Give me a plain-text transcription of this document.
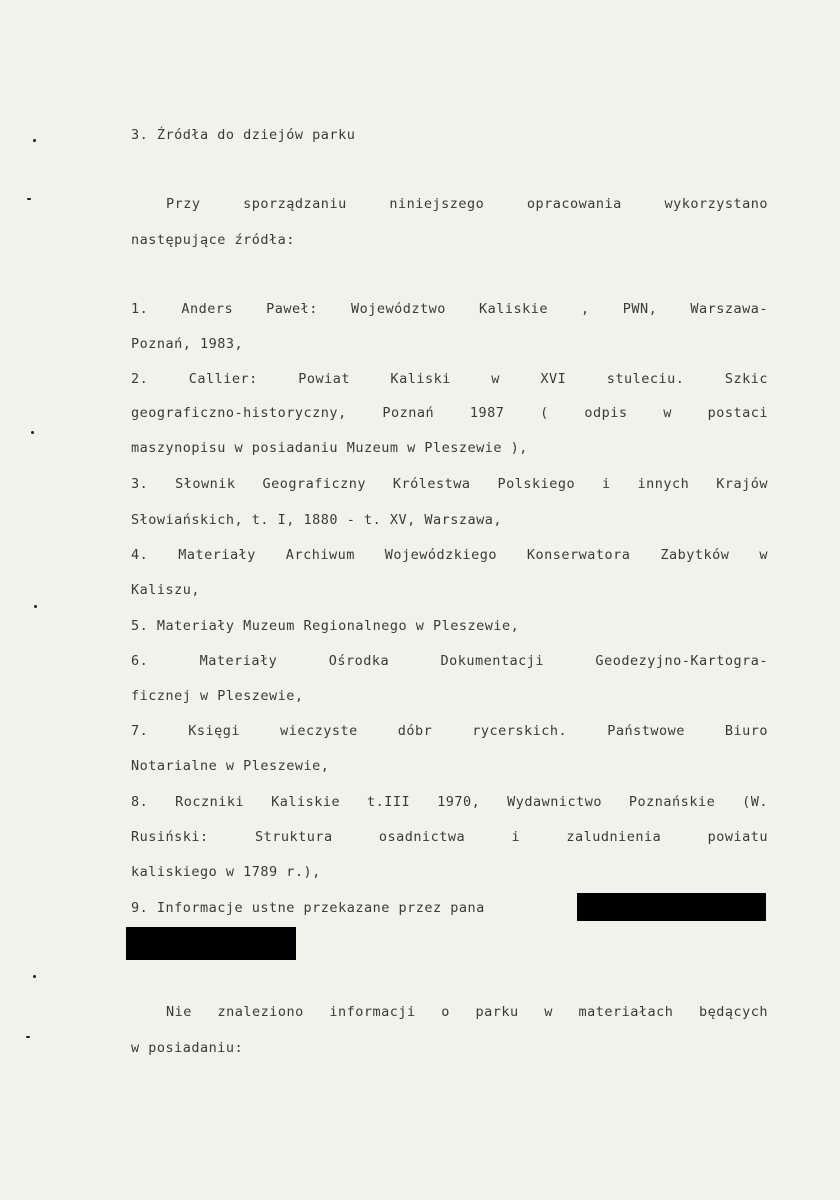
3. Źródła do dziejów parku
Przy sporządzaniu niniejszego opracowania wykorzystano
następujące źródła:
1. Anders Paweł: Województwo Kaliskie , PWN, Warszawa-
Poznań, 1983,
2. Callier: Powiat Kaliski w XVI stuleciu. Szkic
geograficzno-historyczny, Poznań 1987 ( odpis w postaci
maszynopisu w posiadaniu Muzeum w Pleszewie ),
3. Słownik Geograficzny Królestwa Polskiego i innych Krajów
Słowiańskich, t. I, 1880 - t. XV, Warszawa,
4. Materiały Archiwum Wojewódzkiego Konserwatora Zabytków w
Kaliszu,
5. Materiały Muzeum Regionalnego w Pleszewie,
6. Materiały Ośrodka Dokumentacji Geodezyjno-Kartogra-
ficznej w Pleszewie,
7. Księgi wieczyste dóbr rycerskich. Państwowe Biuro
Notarialne w Pleszewie,
8. Roczniki Kaliskie t.III 1970, Wydawnictwo Poznańskie (W.
Rusiński: Struktura osadnictwa i zaludnienia powiatu
kaliskiego w 1789 r.),
9. Informacje ustne przekazane przez pana
Nie znaleziono informacji o parku w materiałach będących
w posiadaniu:
